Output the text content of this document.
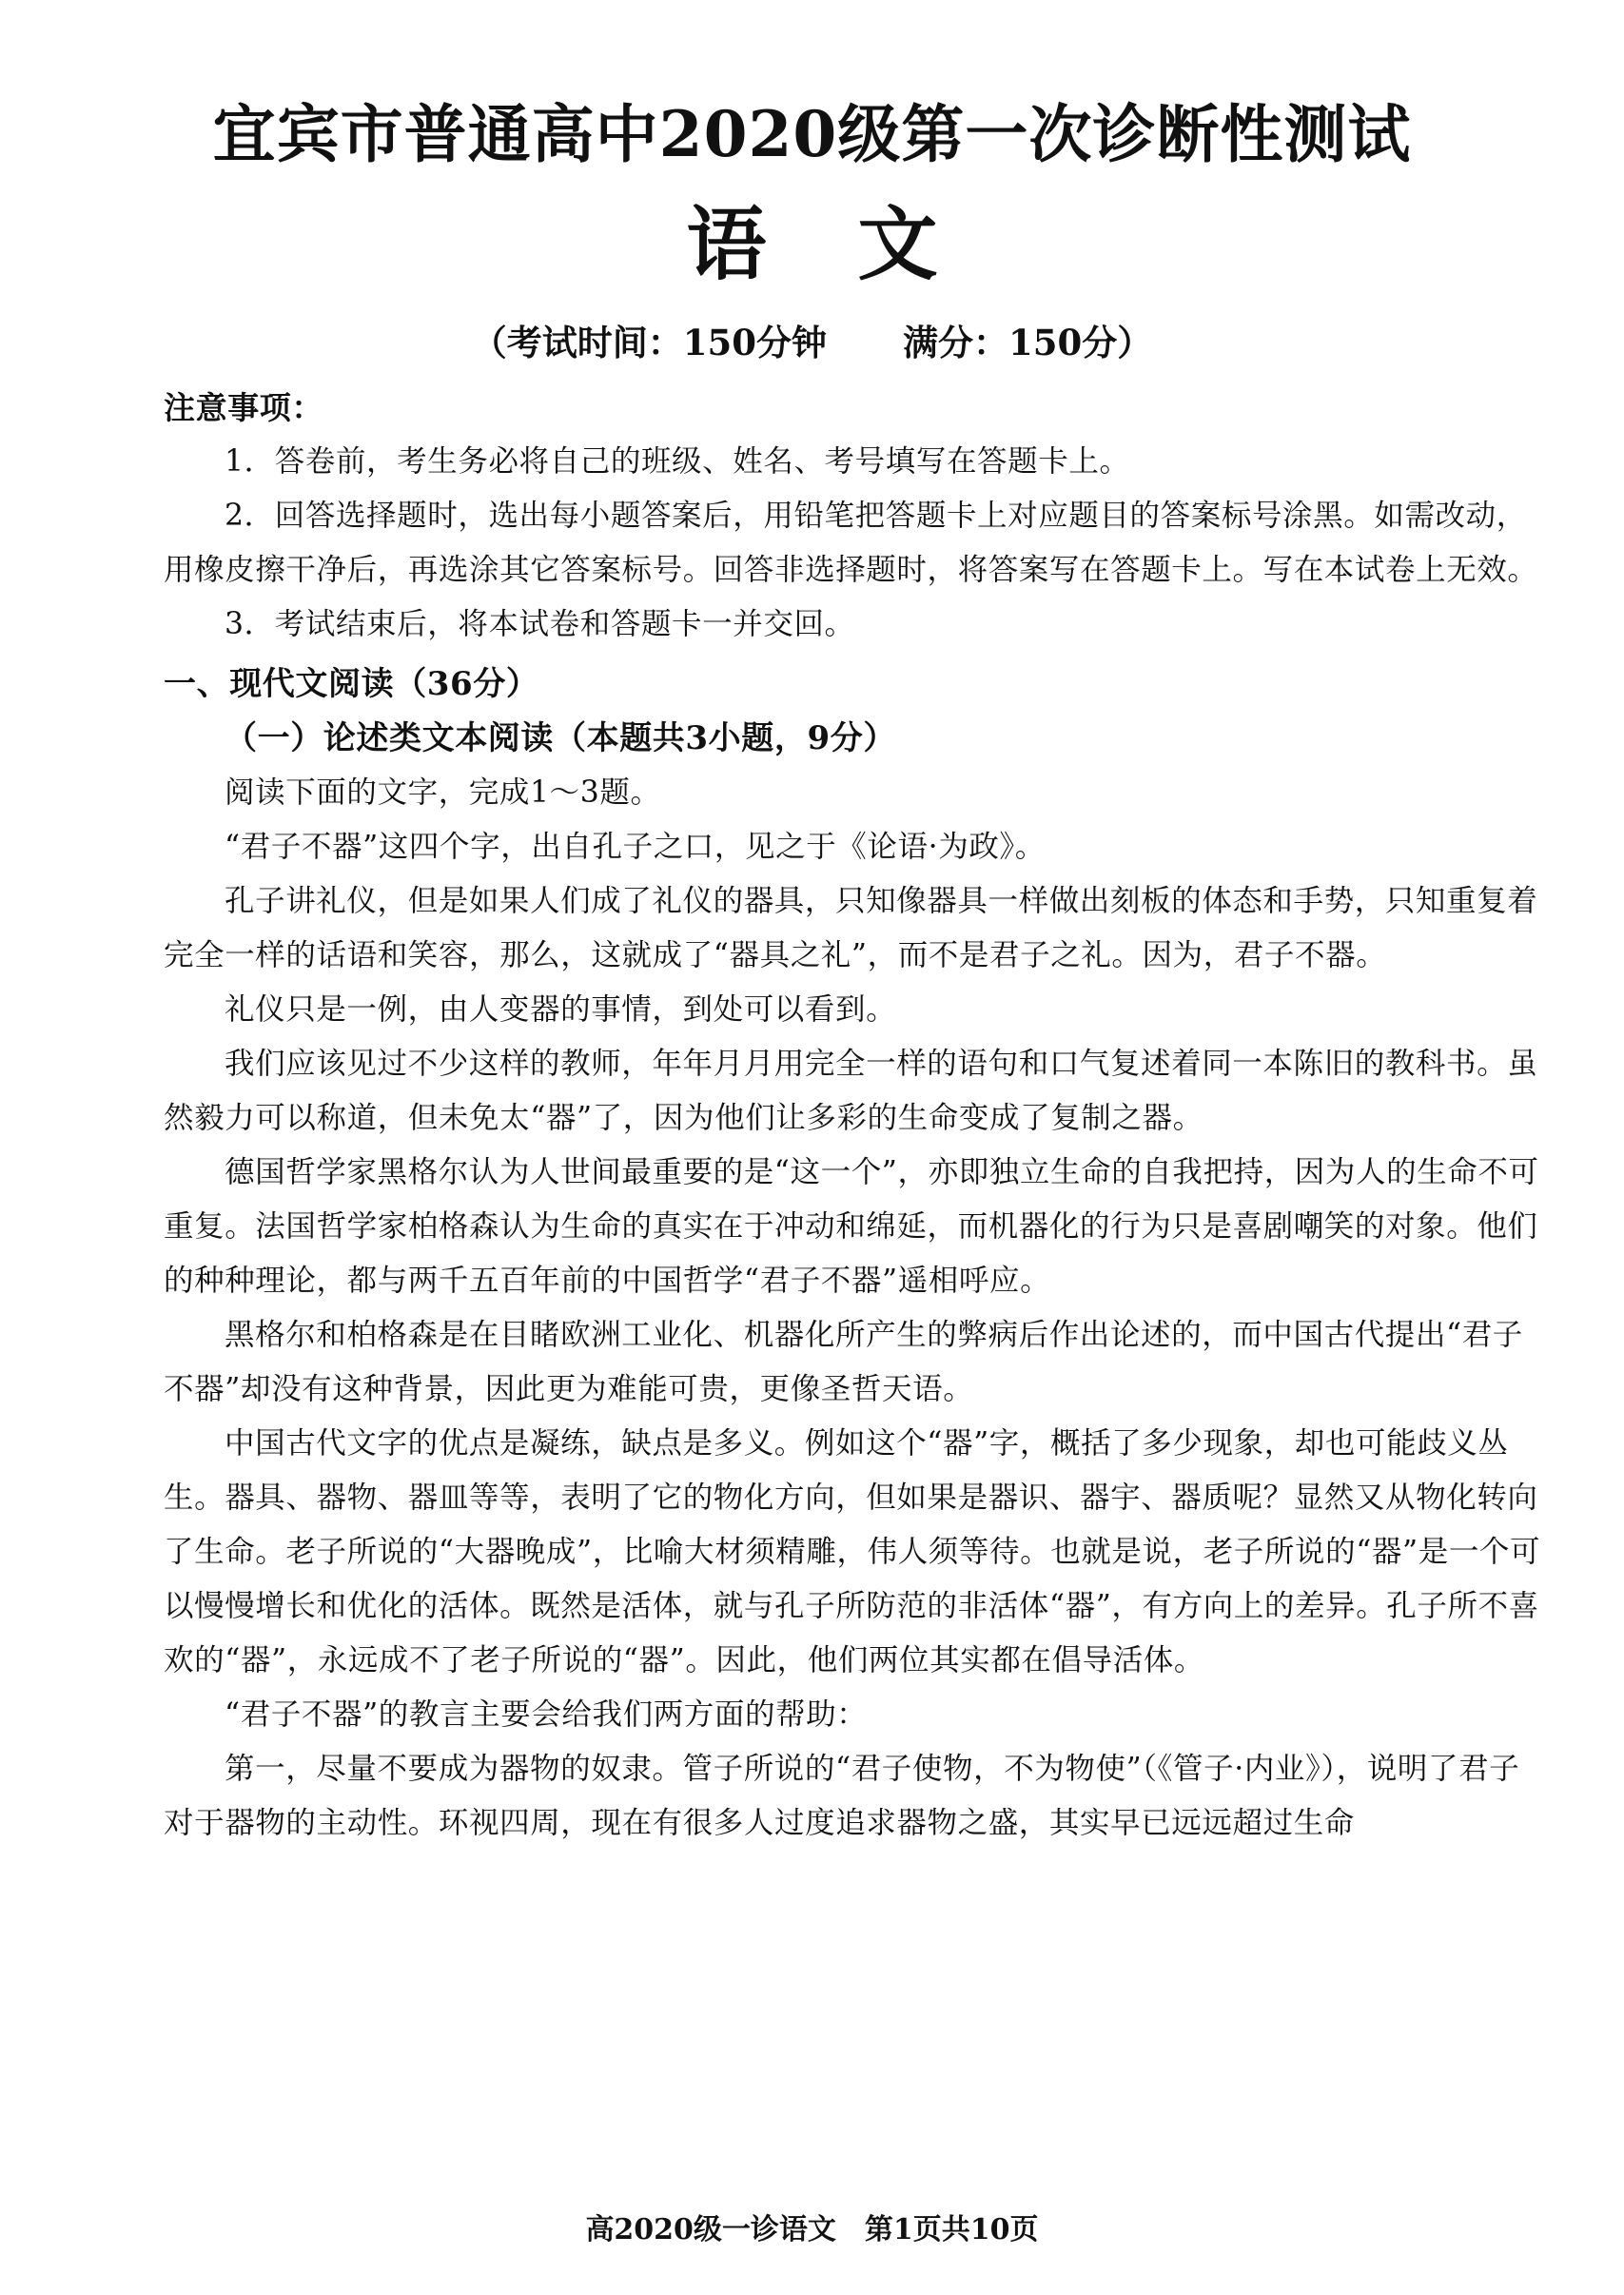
宜宾市普通高中2020级第一次诊断性测试
语 文
（考试时间：150分钟 满分：150分）

注意事项：

1．答卷前，考生务必将自己的班级、姓名、考号填写在答题卡上。

2．回答选择题时，选出每小题答案后，用铅笔把答题卡上对应题目的答案标号涂黑。如需改动，用橡皮擦干净后，再选涂其它答案标号。回答非选择题时，将答案写在答题卡上。写在本试卷上无效。

3．考试结束后，将本试卷和答题卡一并交回。

一、现代文阅读（36分）

（一）论述类文本阅读（本题共3小题，9分）

阅读下面的文字，完成1～3题。

“君子不器”这四个字，出自孔子之口，见之于《论语·为政》。

孔子讲礼仪，但是如果人们成了礼仪的器具，只知像器具一样做出刻板的体态和手势，只知重复着完全一样的话语和笑容，那么，这就成了“器具之礼”，而不是君子之礼。因为，君子不器。

礼仪只是一例，由人变器的事情，到处可以看到。

我们应该见过不少这样的教师，年年月月用完全一样的语句和口气复述着同一本陈旧的教科书。虽然毅力可以称道，但未免太“器”了，因为他们让多彩的生命变成了复制之器。

德国哲学家黑格尔认为人世间最重要的是“这一个”，亦即独立生命的自我把持，因为人的生命不可重复。法国哲学家柏格森认为生命的真实在于冲动和绵延，而机器化的行为只是喜剧嘲笑的对象。他们的种种理论，都与两千五百年前的中国哲学“君子不器”遥相呼应。

黑格尔和柏格森是在目睹欧洲工业化、机器化所产生的弊病后作出论述的，而中国古代提出“君子不器”却没有这种背景，因此更为难能可贵，更像圣哲天语。

中国古代文字的优点是凝练，缺点是多义。例如这个“器”字，概括了多少现象，却也可能歧义丛生。器具、器物、器皿等等，表明了它的物化方向，但如果是器识、器宇、器质呢？显然又从物化转向了生命。老子所说的“大器晚成”，比喻大材须精雕，伟人须等待。也就是说，老子所说的“器”是一个可以慢慢增长和优化的活体。既然是活体，就与孔子所防范的非活体“器”，有方向上的差异。孔子所不喜欢的“器”，永远成不了老子所说的“器”。因此，他们两位其实都在倡导活体。

“君子不器”的教言主要会给我们两方面的帮助：

第一，尽量不要成为器物的奴隶。管子所说的“君子使物，不为物使”（《管子·内业》），说明了君子对于器物的主动性。环视四周，现在有很多人过度追求器物之盛，其实早已远远超过生命

高2020级一诊语文　第1页共10页
